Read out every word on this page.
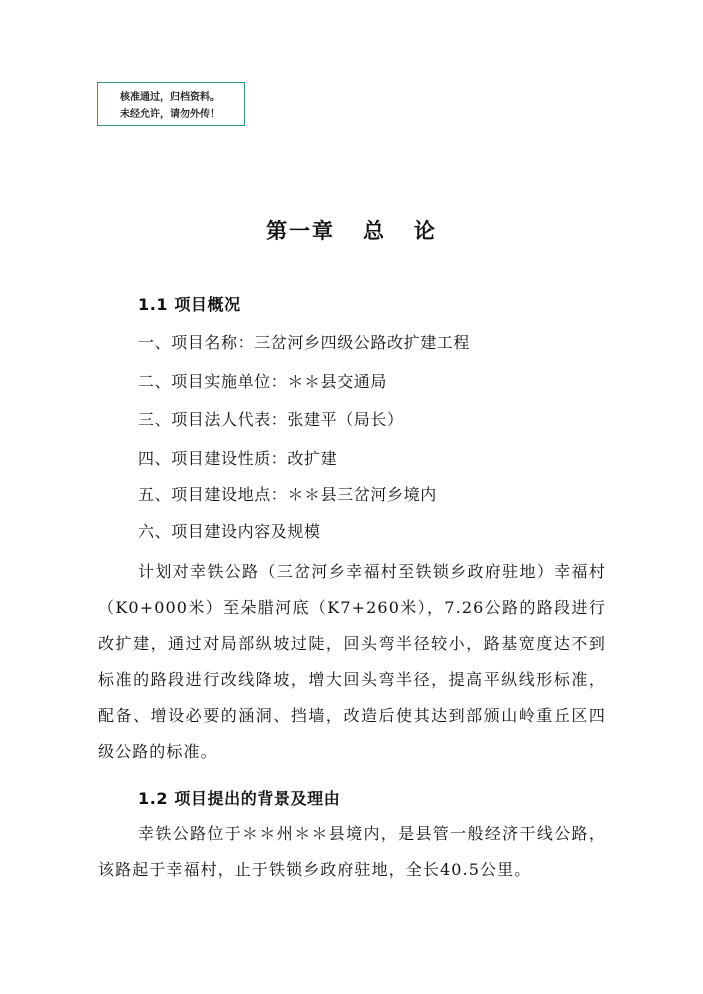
核准通过，归档资料。
未经允许，请勿外传！
第一章   总   论
1.1 项目概况
一、项目名称：三岔河乡四级公路改扩建工程
二、项目实施单位：＊＊县交通局
三、项目法人代表：张建平（局长）
四、项目建设性质：改扩建
五、项目建设地点：＊＊县三岔河乡境内
六、项目建设内容及规模
计划对幸铁公路（三岔河乡幸福村至铁锁乡政府驻地）幸福村（K0+000米）至朵腊河底（K7+260米），7.26公路的路段进行改扩建，通过对局部纵坡过陡，回头弯半径较小，路基宽度达不到标准的路段进行改线降坡，增大回头弯半径，提高平纵线形标准，配备、增设必要的涵洞、挡墙，改造后使其达到部颁山岭重丘区四级公路的标准。
1.2 项目提出的背景及理由
幸铁公路位于＊＊州＊＊县境内，是县管一般经济干线公路，该路起于幸福村，止于铁锁乡政府驻地，全长40.5公里。
